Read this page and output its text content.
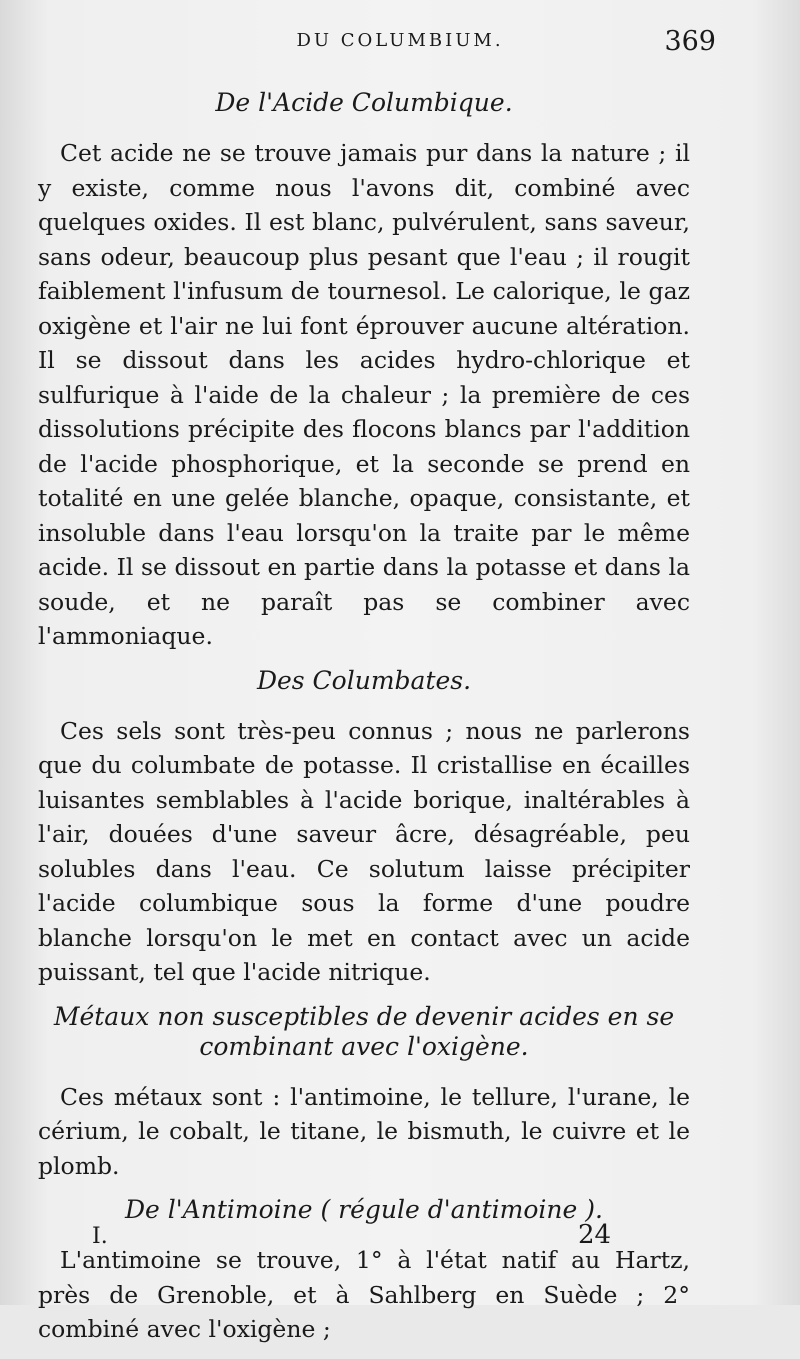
DU COLUMBIUM.	369
De l'Acide Columbique.

Cet acide ne se trouve jamais pur dans la nature ; il y existe, comme nous l'avons dit, combiné avec quelques oxides. Il est blanc, pulvérulent, sans saveur, sans odeur, beaucoup plus pesant que l'eau ; il rougit faiblement l'infusum de tournesol. Le calorique, le gaz oxigène et l'air ne lui font éprouver aucune altération. Il se dissout dans les acides hydro-chlorique et sulfurique à l'aide de la chaleur ; la première de ces dissolutions précipite des flocons blancs par l'addition de l'acide phosphorique, et la seconde se prend en totalité en une gelée blanche, opaque, consistante, et insoluble dans l'eau lorsqu'on la traite par le même acide. Il se dissout en partie dans la potasse et dans la soude, et ne paraît pas se combiner avec l'ammoniaque.

Des Columbates.

Ces sels sont très-peu connus ; nous ne parlerons que du columbate de potasse. Il cristallise en écailles luisantes semblables à l'acide borique, inaltérables à l'air, douées d'une saveur âcre, désagréable, peu solubles dans l'eau. Ce solutum laisse précipiter l'acide columbique sous la forme d'une poudre blanche lorsqu'on le met en contact avec un acide puissant, tel que l'acide nitrique.

Métaux non susceptibles de devenir acides en se combinant avec l'oxigène.

Ces métaux sont : l'antimoine, le tellure, l'urane, le cérium, le cobalt, le titane, le bismuth, le cuivre et le plomb.

De l'Antimoine ( régule d'antimoine ).

L'antimoine se trouve, 1° à l'état natif au Hartz, près de Grenoble, et à Sahlberg en Suède ; 2° combiné avec l'oxigène ;

I.	24
